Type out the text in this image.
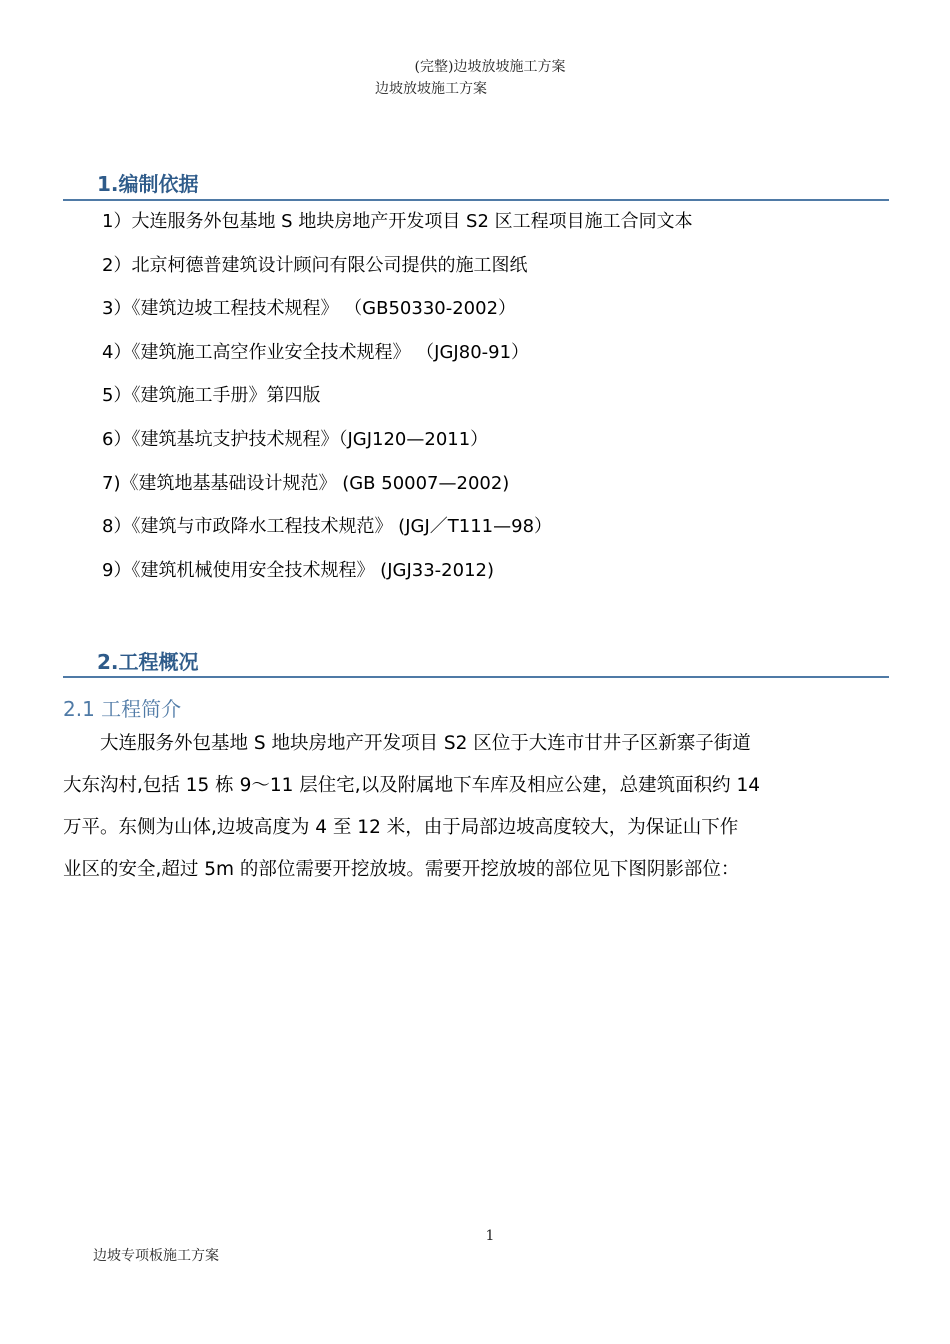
(完整)边坡放坡施工方案
边坡放坡施工方案
1.编制依据
1）大连服务外包基地 S 地块房地产开发项目 S2 区工程项目施工合同文本
2）北京柯德普建筑设计顾问有限公司提供的施工图纸
3）《建筑边坡工程技术规程》 （GB50330-2002）
4）《建筑施工高空作业安全技术规程》 （JGJ80-91）
5）《建筑施工手册》第四版
6）《建筑基坑支护技术规程》（JGJ120—2011）
7)《建筑地基基础设计规范》 (GB 50007—2002)
8）《建筑与市政降水工程技术规范》 (JGJ／T111—98）
9）《建筑机械使用安全技术规程》 (JGJ33-2012)
2.工程概况
2.1 工程简介

　　大连服务外包基地 S 地块房地产开发项目 S2 区位于大连市甘井子区新寨子街道

大东沟村,包括 15 栋 9～11 层住宅,以及附属地下车库及相应公建，总建筑面积约 14

万平。东侧为山体,边坡高度为 4 至 12 米，由于局部边坡高度较大，为保证山下作

业区的安全,超过 5m 的部位需要开挖放坡。需要开挖放坡的部位见下图阴影部位：

1
边坡专项板施工方案
